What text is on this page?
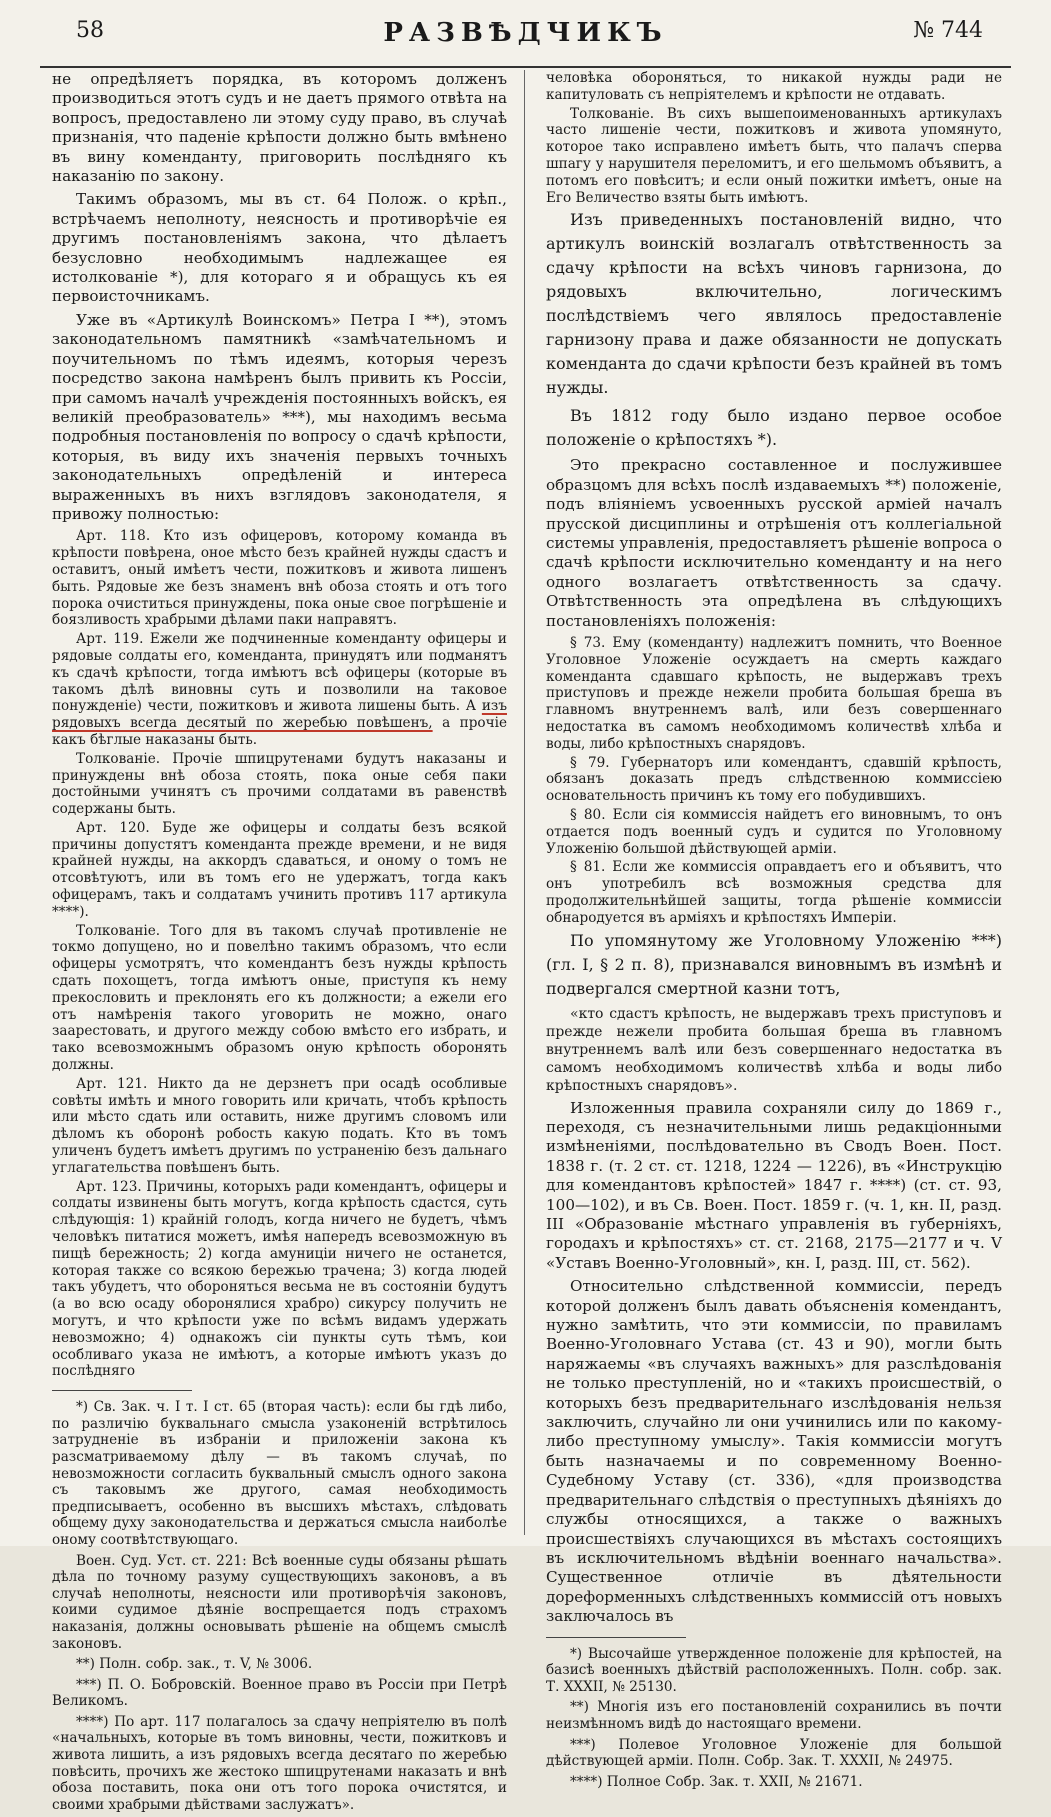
58	РАЗВѢДЧИКЪ	№ 744

не опредѣляетъ порядка, въ которомъ долженъ производиться этотъ судъ и не даетъ прямого отвѣта на вопросъ, предоставлено ли этому суду право, въ случаѣ признанія, что паденіе крѣпости должно быть вмѣнено въ вину коменданту, приговорить послѣдняго къ наказанію по закону.

Такимъ образомъ, мы въ ст. 64 Полож. о крѣп., встрѣчаемъ неполноту, неясность и противорѣчіе ея другимъ постановленіямъ закона, что дѣлаетъ безусловно необходимымъ надлежащее ея истолкованіе *), для котораго я и обращусь къ ея первоисточникамъ.

Уже въ «Артикулѣ Воинскомъ» Петра I **), этомъ законодательномъ памятникѣ «замѣчательномъ и поучительномъ по тѣмъ идеямъ, которыя черезъ посредство закона намѣренъ былъ привить къ Россіи, при самомъ началѣ учрежденія постоянныхъ войскъ, ея великій преобразователь» ***), мы находимъ весьма подробныя постановленія по вопросу о сдачѣ крѣпости, которыя, въ виду ихъ значенія первыхъ точныхъ законодательныхъ опредѣленій и интереса выраженныхъ въ нихъ взглядовъ законодателя, я привожу полностью:

Арт. 118. Кто изъ офицеровъ, которому команда въ крѣпости повѣрена, оное мѣсто безъ крайней нужды сдастъ и оставитъ, оный имѣетъ чести, пожитковъ и живота лишенъ быть. Рядовые же безъ знаменъ внѣ обоза стоять и отъ того порока очиститься принуждены, пока оные свое погрѣшеніе и боязливость храбрыми дѣлами паки направятъ.

Арт. 119. Ежели же подчиненные коменданту офицеры и рядовые солдаты его, коменданта, принудятъ или подманятъ къ сдачѣ крѣпости, тогда имѣютъ всѣ офицеры (которые въ такомъ дѣлѣ виновны суть и позволили на таковое понужденіе) чести, пожитковъ и живота лишены быть. А изъ рядовыхъ всегда десятый по жеребью повѣшенъ, а прочіе какъ бѣглые наказаны быть.

Толкованіе. Прочіе шпицрутенами будутъ наказаны и принуждены внѣ обоза стоять, пока оные себя паки достойными учинятъ съ прочими солдатами въ равенствѣ содержаны быть.

Арт. 120. Буде же офицеры и солдаты безъ всякой причины допустятъ коменданта прежде времени, и не видя крайней нужды, на аккордъ сдаваться, и оному о томъ не отсовѣтуютъ, или въ томъ его не удержатъ, тогда какъ офицерамъ, такъ и солдатамъ учинить противъ 117 артикула ****).

Толкованіе. Того для въ такомъ случаѣ противленіе не токмо допущено, но и повелѣно такимъ образомъ, что если офицеры усмотрятъ, что комендантъ безъ нужды крѣпость сдать похощетъ, тогда имѣютъ оные, приступя къ нему прекословить и преклонять его къ должности; а ежели его отъ намѣренія такого уговорить не можно, онаго заарестовать, и другого между собою вмѣсто его избрать, и тако всевозможнымъ образомъ оную крѣпость оборонять должны.

Арт. 121. Никто да не дерзнетъ при осадѣ особливые совѣты имѣть и много говорить или кричать, чтобъ крѣпость или мѣсто сдать или оставить, ниже другимъ словомъ или дѣломъ къ оборонѣ робость какую подать. Кто въ томъ уличенъ будетъ имѣетъ другимъ по устраненію безъ дальнаго углагательства повѣшенъ быть.

Арт. 123. Причины, которыхъ ради комендантъ, офицеры и солдаты извинены быть могутъ, когда крѣпость сдастся, суть слѣдующія: 1) крайній голодъ, когда ничего не будетъ, чѣмъ человѣкъ питатися можетъ, имѣя напередъ всевозможную въ пищѣ бережность; 2) когда амуниціи ничего не останется, которая также со всякою бережью трачена; 3) когда людей такъ убудетъ, что обороняться весьма не въ состояніи будутъ (а во всю осаду оборонялися храбро) сикурсу получить не могутъ, и что крѣпости уже по всѣмъ видамъ удержать невозможно; 4) однакожъ сіи пункты суть тѣмъ, кои особливаго указа не имѣютъ, а которые имѣютъ указъ до послѣдняго

*) Св. Зак. ч. I т. I ст. 65 (вторая часть): если бы гдѣ либо, по различію буквальнаго смысла узаконеній встрѣтилось затрудненіе въ избраніи и приложеніи закона къ разсматриваемому дѣлу — въ такомъ случаѣ, по невозможности согласить буквальный смыслъ одного закона съ таковымъ же другого, самая необходимость предписываетъ, особенно въ высшихъ мѣстахъ, слѣдовать общему духу законодательства и держаться смысла наиболѣе оному соотвѣтствующаго.

Воен. Суд. Уст. ст. 221: Всѣ военные суды обязаны рѣшать дѣла по точному разуму существующихъ законовъ, а въ случаѣ неполноты, неясности или противорѣчія законовъ, коими судимое дѣяніе воспрещается подъ страхомъ наказанія, должны основывать рѣшеніе на общемъ смыслѣ законовъ.

**) Полн. собр. зак., т. V, № 3006.

***) П. О. Бобровскій. Военное право въ Россіи при Петрѣ Великомъ.

****) По арт. 117 полагалось за сдачу непріятелю въ полѣ «начальныхъ, которые въ томъ виновны, чести, пожитковъ и живота лишить, а изъ рядовыхъ всегда десятаго по жеребью повѣсить, прочихъ же жестоко шпицрутенами наказать и внѣ обоза поставить, пока они отъ того порока очистятся, и своими храбрыми дѣйствами заслужатъ».

человѣка обороняться, то никакой нужды ради не капитуловать съ непріятелемъ и крѣпости не отдавать.

Толкованіе. Въ сихъ вышепоименованныхъ артикулахъ часто лишеніе чести, пожитковъ и живота упомянуто, которое тако исправлено имѣетъ быть, что палачъ сперва шпагу у нарушителя переломитъ, и его шельмомъ объявитъ, а потомъ его повѣситъ; и если оный пожитки имѣетъ, оные на Его Величество взяты быть имѣютъ.

Изъ приведенныхъ постановленій видно, что артикулъ воинскій возлагалъ отвѣтственность за сдачу крѣпости на всѣхъ чиновъ гарнизона, до рядовыхъ включительно, логическимъ послѣдствіемъ чего являлось предоставленіе гарнизону права и даже обязанности не допускать коменданта до сдачи крѣпости безъ крайней въ томъ нужды.

Въ 1812 году было издано первое особое положеніе о крѣпостяхъ *).

Это прекрасно составленное и послужившее образцомъ для всѣхъ послѣ издаваемыхъ **) положеніе, подъ вліяніемъ усвоенныхъ русской арміей началъ прусской дисциплины и отрѣшенія отъ коллегіальной системы управленія, предоставляетъ рѣшеніе вопроса о сдачѣ крѣпости исключительно коменданту и на него одного возлагаетъ отвѣтственность за сдачу. Отвѣтственность эта опредѣлена въ слѣдующихъ постановленіяхъ положенія:

§ 73. Ему (коменданту) надлежитъ помнить, что Военное Уголовное Уложеніе осуждаетъ на смерть каждаго коменданта сдавшаго крѣпость, не выдержавъ трехъ приступовъ и прежде нежели пробита большая бреша въ главномъ внутреннемъ валѣ, или безъ совершеннаго недостатка въ самомъ необходимомъ количествѣ хлѣба и воды, либо крѣпостныхъ снарядовъ.

§ 79. Губернаторъ или комендантъ, сдавшій крѣпость, обязанъ доказать предъ слѣдственною коммиссіею основательность причинъ къ тому его побудившихъ.

§ 80. Если сія коммиссія найдетъ его виновнымъ, то онъ отдается подъ военный судъ и судится по Уголовному Уложенію большой дѣйствующей арміи.

§ 81. Если же коммиссія оправдаетъ его и объявитъ, что онъ употребилъ всѣ возможныя средства для продолжительнѣйшей защиты, тогда рѣшеніе коммиссіи обнародуется въ арміяхъ и крѣпостяхъ Имперіи.

По упомянутому же Уголовному Уложенію ***) (гл. I, § 2 п. 8), признавался виновнымъ въ измѣнѣ и подвергался смертной казни тотъ,

«кто сдастъ крѣпость, не выдержавъ трехъ приступовъ и прежде нежели пробита большая бреша въ главномъ внутреннемъ валѣ или безъ совершеннаго недостатка въ самомъ необходимомъ количествѣ хлѣба и воды либо крѣпостныхъ снарядовъ».

Изложенныя правила сохраняли силу до 1869 г., переходя, съ незначительными лишь редакціонными измѣненіями, послѣдовательно въ Сводъ Воен. Пост. 1838 г. (т. 2 ст. ст. 1218, 1224 — 1226), въ «Инструкцію для комендантовъ крѣпостей» 1847 г. ****) (ст. ст. 93, 100—102), и въ Св. Воен. Пост. 1859 г. (ч. 1, кн. II, разд. III «Образованіе мѣстнаго управленія въ губерніяхъ, городахъ и крѣпостяхъ» ст. ст. 2168, 2175—2177 и ч. V «Уставъ Военно-Уголовный», кн. I, разд. III, ст. 562).

Относительно слѣдственной коммиссіи, передъ которой долженъ былъ давать объясненія комендантъ, нужно замѣтить, что эти коммиссіи, по правиламъ Военно-Уголовнаго Устава (ст. 43 и 90), могли быть наряжаемы «въ случаяхъ важныхъ» для разслѣдованія не только преступленій, но и «такихъ происшествій, о которыхъ безъ предварительнаго изслѣдованія нельзя заключить, случайно ли они учинились или по какому-либо преступному умыслу». Такія коммиссіи могутъ быть назначаемы и по современному Военно-Судебному Уставу (ст. 336), «для производства предварительнаго слѣдствія о преступныхъ дѣяніяхъ до службы относящихся, а также о важныхъ происшествіяхъ случающихся въ мѣстахъ состоящихъ въ исключительномъ вѣдѣніи военнаго начальства». Существенное отличіе въ дѣятельности дореформенныхъ слѣдственныхъ коммиссій отъ новыхъ заключалось въ

*) Высочайше утвержденное положеніе для крѣпостей, на базисѣ военныхъ дѣйствій расположенныхъ. Полн. собр. зак. Т. XXXII, № 25130.

**) Многія изъ его постановленій сохранились въ почти неизмѣнномъ видѣ до настоящаго времени.

***) Полевое Уголовное Уложеніе для большой дѣйствующей арміи. Полн. Собр. Зак. Т. XXXII, № 24975.

****) Полное Собр. Зак. т. XXII, № 21671.
